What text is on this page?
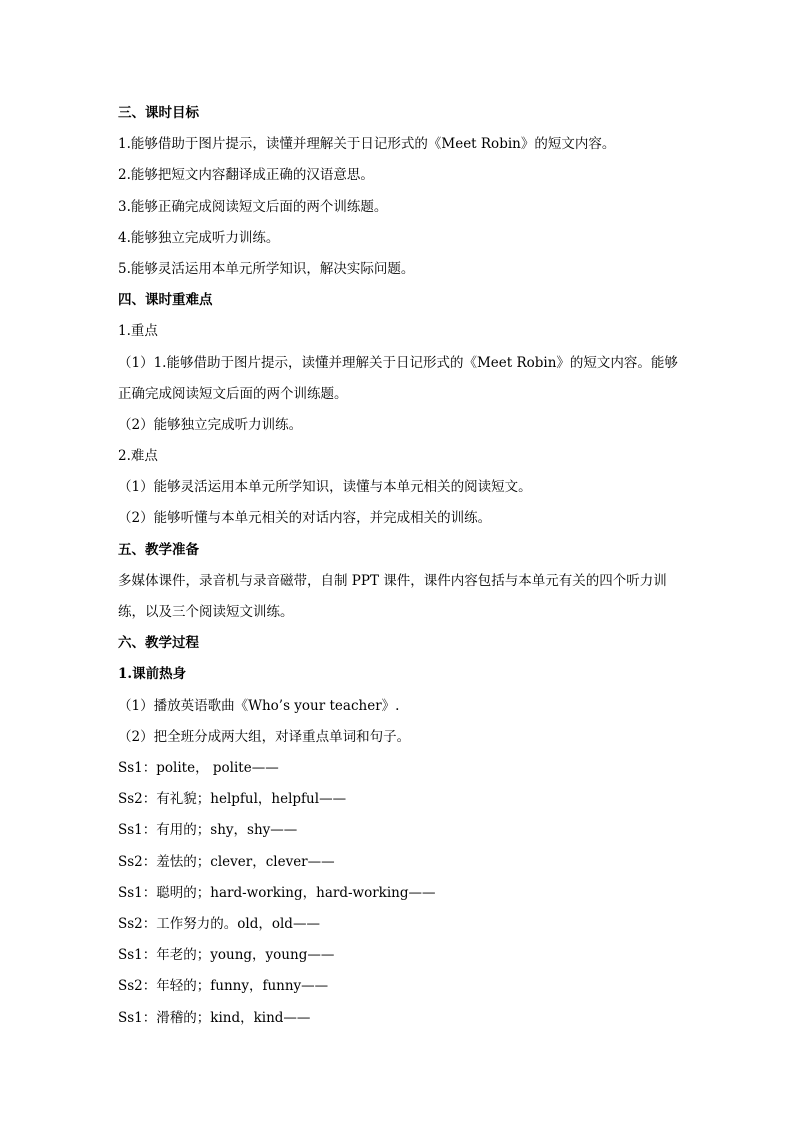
三、课时目标
1.能够借助于图片提示，读懂并理解关于日记形式的《Meet Robin》的短文内容。
2.能够把短文内容翻译成正确的汉语意思。
3.能够正确完成阅读短文后面的两个训练题。
4.能够独立完成听力训练。
5.能够灵活运用本单元所学知识，解决实际问题。
四、课时重难点
1.重点
（1）1.能够借助于图片提示，读懂并理解关于日记形式的《Meet Robin》的短文内容。能够正确完成阅读短文后面的两个训练题。
（2）能够独立完成听力训练。
2.难点
（1）能够灵活运用本单元所学知识，读懂与本单元相关的阅读短文。
（2）能够听懂与本单元相关的对话内容，并完成相关的训练。
五、教学准备
多媒体课件，录音机与录音磁带，自制 PPT 课件，课件内容包括与本单元有关的四个听力训练，以及三个阅读短文训练。
六、教学过程
1.课前热身
（1）播放英语歌曲《Who’s your teacher》.
（2）把全班分成两大组，对译重点单词和句子。
Ss1：polite， polite——
Ss2：有礼貌；helpful，helpful——
Ss1：有用的；shy，shy——
Ss2：羞怯的；clever，clever——
Ss1：聪明的；hard-working，hard-working——
Ss2：工作努力的。old，old——
Ss1：年老的；young，young——
Ss2：年轻的；funny，funny——
Ss1：滑稽的；kind，kind——
